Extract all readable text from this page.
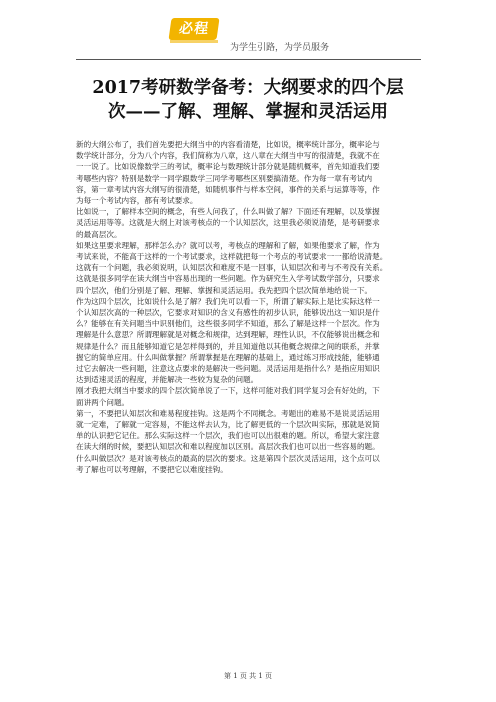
必程
为学生引路，为学员服务
2017考研数学备考：大纲要求的四个层
次——了解、理解、掌握和灵活运用
新的大纲公布了，我们首先要把大纲当中的内容看清楚，比如说，概率统计部分，概率论与
数学统计部分，分为八个内容，我们简称为八章，这八章在大纲当中写的很清楚，我就不在
一一说了。比如说像数学三的考试，概率论与数理统计部分就是随机概率，首先知道我们要
考哪些内容？特别是数学一同学跟数学三同学考哪些区别要搞清楚。作为每一章有考试内
容，第一章考试内容大纲写的很清楚，如随机事件与样本空间，事件的关系与运算等等，作
为每一个考试内容，都有考试要求。
比如说一，了解样本空间的概念，有些人问我了，什么叫做了解？下面还有理解，以及掌握
灵活运用等等。这就是大纲上对该考核点的一个认知层次，这里我必须说清楚，是考研要求
的最高层次。
如果这里要求理解，那样怎么办？就可以考，考核点的理解和了解，如果他要求了解，作为
考试来说，不能高于这样的一个考试要求，这样就把每一个考点的考试要求一一都给说清楚。
这就有一个问题，我必须说明，认知层次和难度不是一回事，认知层次和考与不考没有关系。
这就是很多同学在读大纲当中容易出现的一些问题。作为研究生入学考试数学部分，只要求
四个层次，他们分别是了解、理解、掌握和灵活运用。我先把四个层次简单地给说一下。
作为这四个层次，比如说什么是了解？我们先可以看一下，所谓了解实际上是比实际这样一
个认知层次高的一种层次，它要求对知识的含义有感性的初步认识，能够说出这一知识是什
么？能够在有关问题当中识别他们，这些很多同学不知道，那么了解是这样一个层次。作为
理解是什么意思？所谓理解就是对概念和规律，达到理解，理性认识，不仅能够说出概念和
规律是什么？而且能够知道它是怎样得到的，并且知道他以其他概念规律之间的联系，并掌
握它的简单应用。什么叫做掌握？所谓掌握是在理解的基础上，通过练习形成技能，能够通
过它去解决一些问题，注意这点要求的是解决一些问题。灵活运用是指什么？是指应用知识
达到适速灵活的程度，并能解决一些较为复杂的问题。
刚才我把大纲当中要求的四个层次简单说了一下，这样可能对我们同学复习会有好处的，下
面讲两个问题。
第一，不要把认知层次和难易程度挂钩。这是两个不同概念。考题出的难易不是说灵活运用
就一定难，了解就一定容易，不能这样去认为，比了解更低的一个层次叫实际，那就是说简
单的认识把它记住。那么实际这样一个层次，我们也可以出很难的题。所以，希望大家注意
在读大纲的时候，要把认知层次和难以程度加以区别。高层次我们也可以出一些容易的题。
什么叫做层次？是对该考核点的最高的层次的要求。这是第四个层次灵活运用，这个点可以
考了解也可以考理解，不要把它以难度挂钩。
第 1 页 共 1 页
